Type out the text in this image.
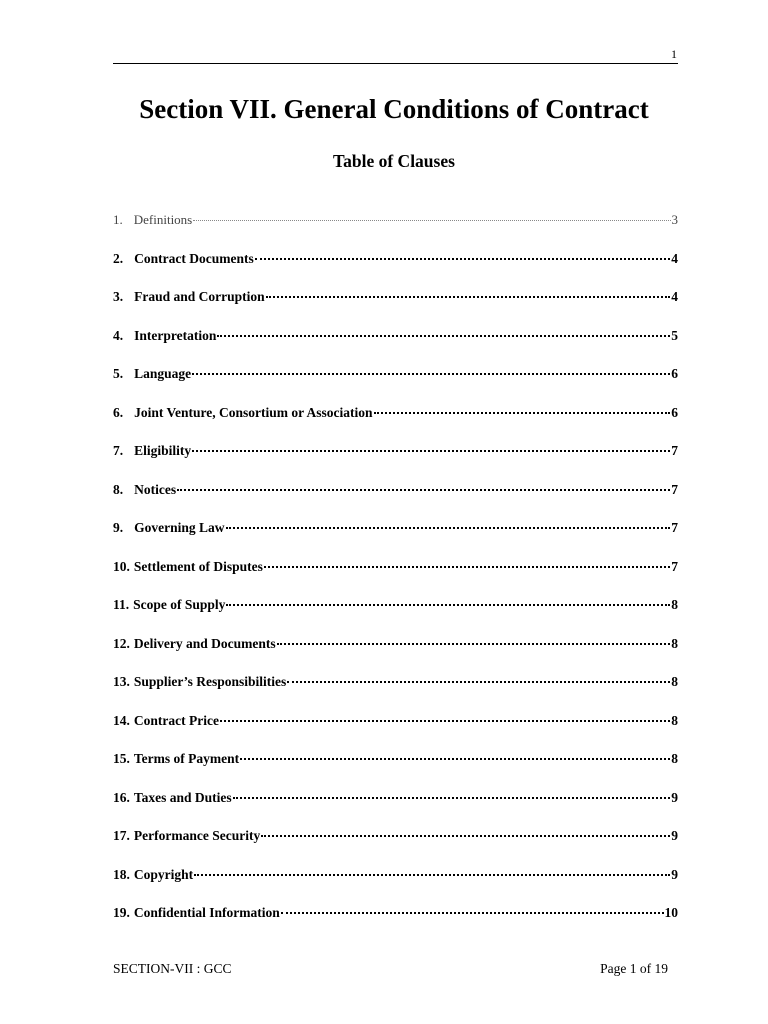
1
Section VII. General Conditions of Contract
Table of Clauses
1. Definitions	3
2. Contract Documents	4
3. Fraud and Corruption	4
4. Interpretation	5
5. Language	6
6. Joint Venture, Consortium or Association	6
7. Eligibility	7
8. Notices	7
9. Governing Law	7
10. Settlement of Disputes	7
11. Scope of Supply	8
12. Delivery and Documents	8
13. Supplier’s Responsibilities	8
14. Contract Price	8
15. Terms of Payment	8
16. Taxes and Duties	9
17. Performance Security	9
18. Copyright	9
19. Confidential Information	10
SECTION-VII : GCC	Page 1 of 19
